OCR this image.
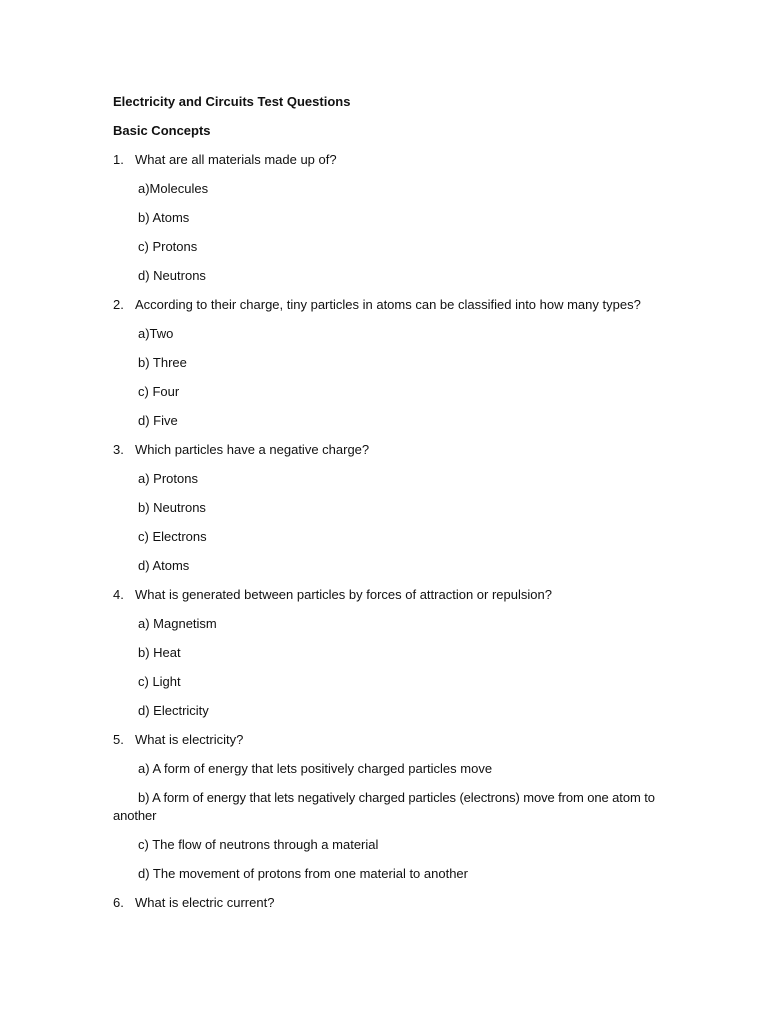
Electricity and Circuits Test Questions

Basic Concepts

1. What are all materials made up of?

a)Molecules

b) Atoms

c) Protons

d) Neutrons

2. According to their charge, tiny particles in atoms can be classified into how many types?

a)Two

b) Three

c) Four

d) Five

3. Which particles have a negative charge?

a) Protons

b) Neutrons

c) Electrons

d) Atoms

4. What is generated between particles by forces of attraction or repulsion?

a) Magnetism

b) Heat

c) Light

d) Electricity

5. What is electricity?

a) A form of energy that lets positively charged particles move

b) A form of energy that lets negatively charged particles (electrons) move from one atom to another

c) The flow of neutrons through a material

d) The movement of protons from one material to another

6. What is electric current?
